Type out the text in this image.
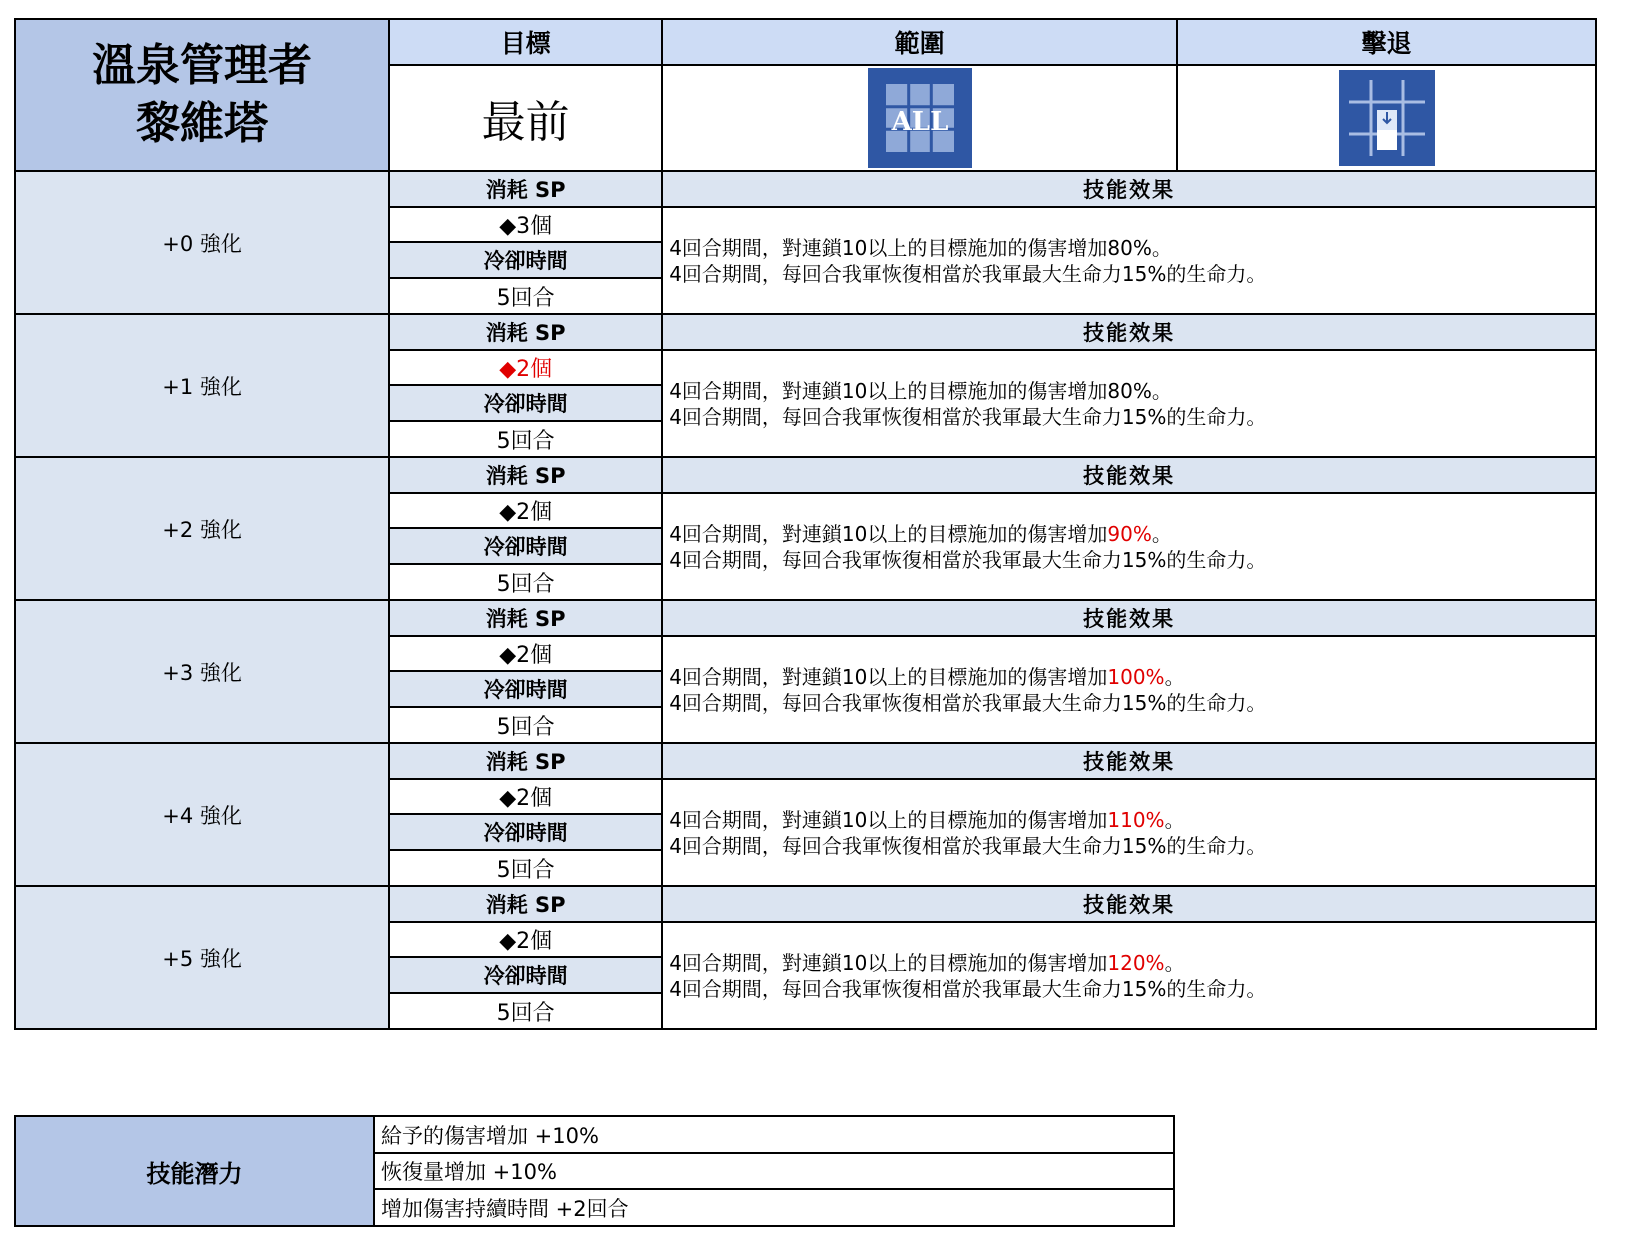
溫泉管理者
黎維塔	目標	範圍	擊退
	最前	ALL

+0 強化	消耗 SP	技能效果	
	◆3個	4回合期間，對連鎖10以上的目標施加的傷害增加80%。
4回合期間，每回合我軍恢復相當於我軍最大生命力15%的生命力。	

	冷卻時間		
	5回合		
+1 強化	消耗 SP	技能效果	
	◆2個	4回合期間，對連鎖10以上的目標施加的傷害增加80%。
4回合期間，每回合我軍恢復相當於我軍最大生命力15%的生命力。	

	冷卻時間		
	5回合		
+2 強化	消耗 SP	技能效果	
	◆2個	4回合期間，對連鎖10以上的目標施加的傷害增加90%。
4回合期間，每回合我軍恢復相當於我軍最大生命力15%的生命力。	

	冷卻時間		
	5回合		
+3 強化	消耗 SP	技能效果	
	◆2個	4回合期間，對連鎖10以上的目標施加的傷害增加100%。
4回合期間，每回合我軍恢復相當於我軍最大生命力15%的生命力。	

	冷卻時間		
	5回合		
+4 強化	消耗 SP	技能效果	
	◆2個	4回合期間，對連鎖10以上的目標施加的傷害增加110%。
4回合期間，每回合我軍恢復相當於我軍最大生命力15%的生命力。	

	冷卻時間		
	5回合		
+5 強化	消耗 SP	技能效果	
	◆2個	4回合期間，對連鎖10以上的目標施加的傷害增加120%。
4回合期間，每回合我軍恢復相當於我軍最大生命力15%的生命力。	

	冷卻時間		
	5回合		
技能潛力	給予的傷害增加 +10%
恢復量增加 +10%
增加傷害持續時間 +2回合
